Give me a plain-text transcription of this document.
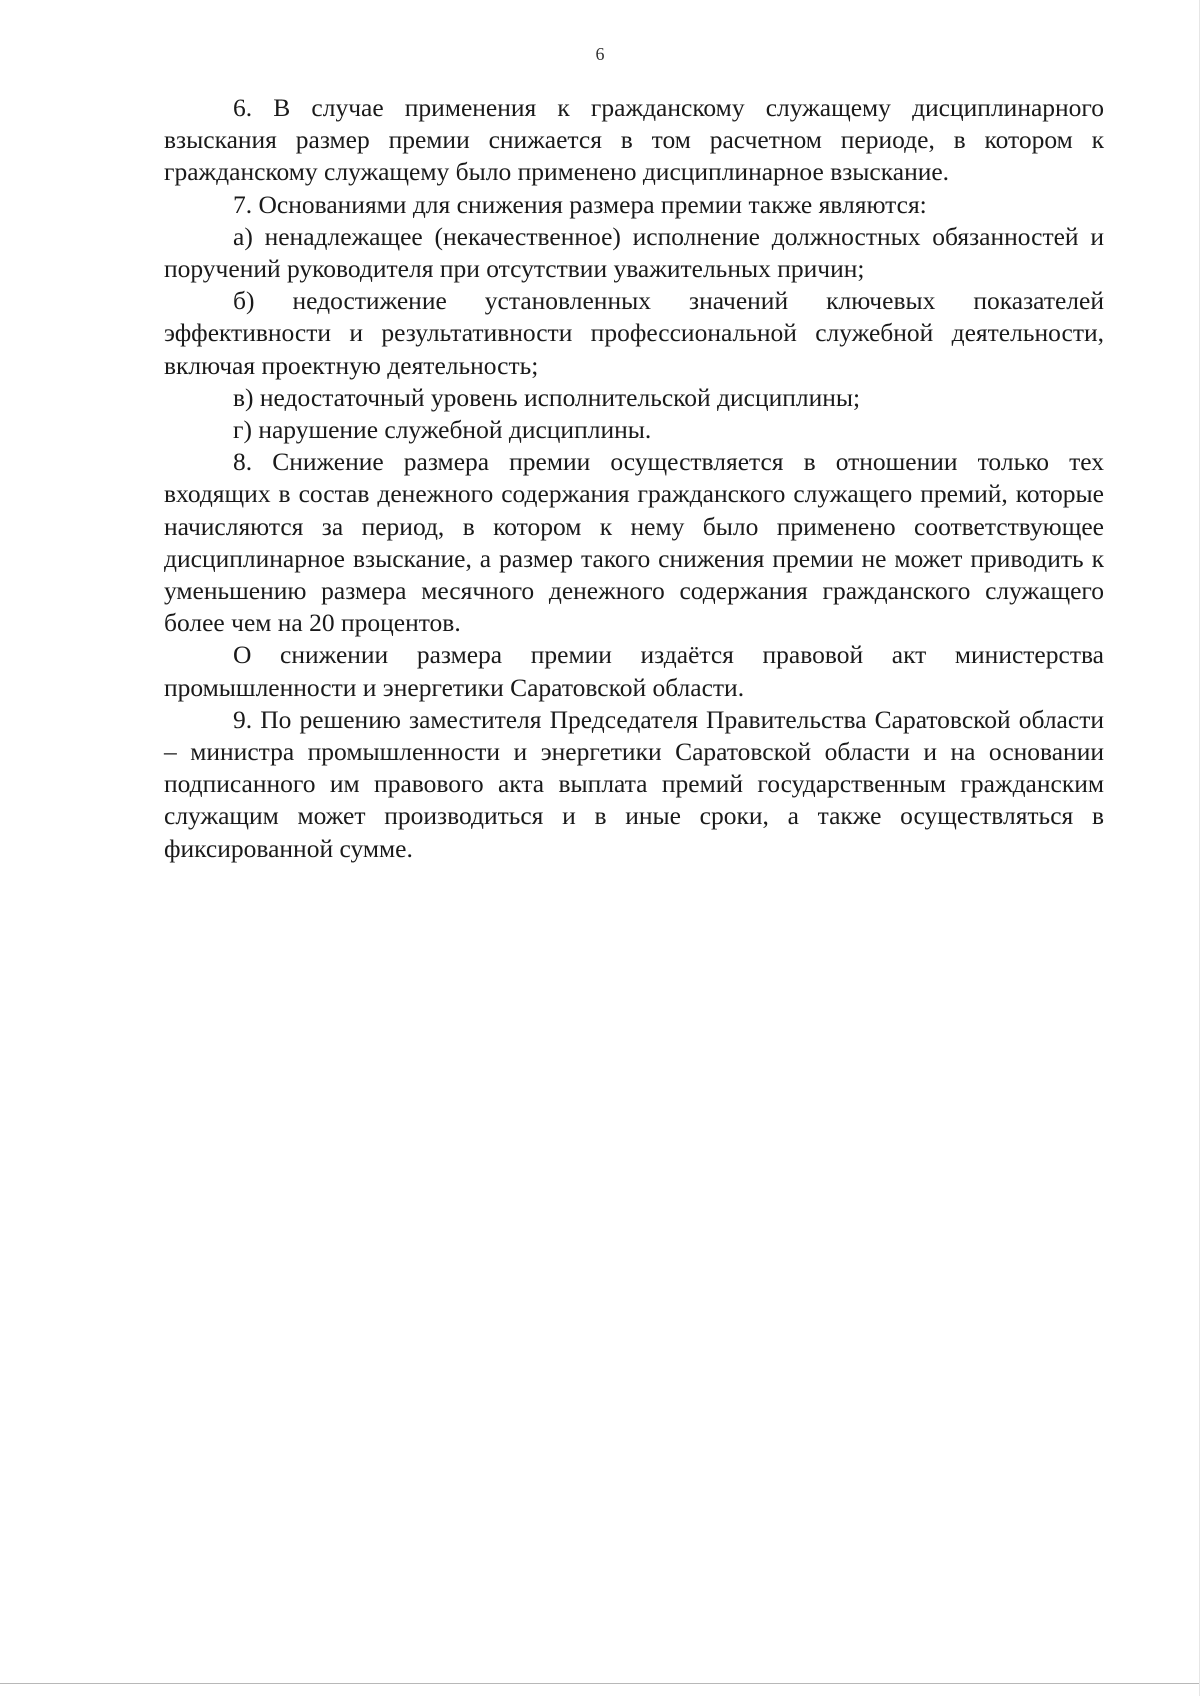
6

6. В случае применения к гражданскому служащему дисциплинарного взыскания размер премии снижается в том расчетном периоде, в котором к гражданскому служащему было применено дисциплинарное взыскание.

7. Основаниями для снижения размера премии также являются:

а) ненадлежащее (некачественное) исполнение должностных обязанностей и поручений руководителя при отсутствии уважительных причин;

б) недостижение установленных значений ключевых показателей эффективности и результативности профессиональной служебной деятельности, включая проектную деятельность;

в) недостаточный уровень исполнительской дисциплины;

г) нарушение служебной дисциплины.

8. Снижение размера премии осуществляется в отношении только тех входящих в состав денежного содержания гражданского служащего премий, которые начисляются за период, в котором к нему было применено соответствующее дисциплинарное взыскание, а размер такого снижения премии не может приводить к уменьшению размера месячного денежного содержания гражданского служащего более чем на 20 процентов.

О снижении размера премии издаётся правовой акт министерства промышленности и энергетики Саратовской области.

9. По решению заместителя Председателя Правительства Саратовской области – министра промышленности и энергетики Саратовской области и на основании подписанного им правового акта выплата премий государственным гражданским служащим может производиться и в иные сроки, а также осуществляться в фиксированной сумме.
